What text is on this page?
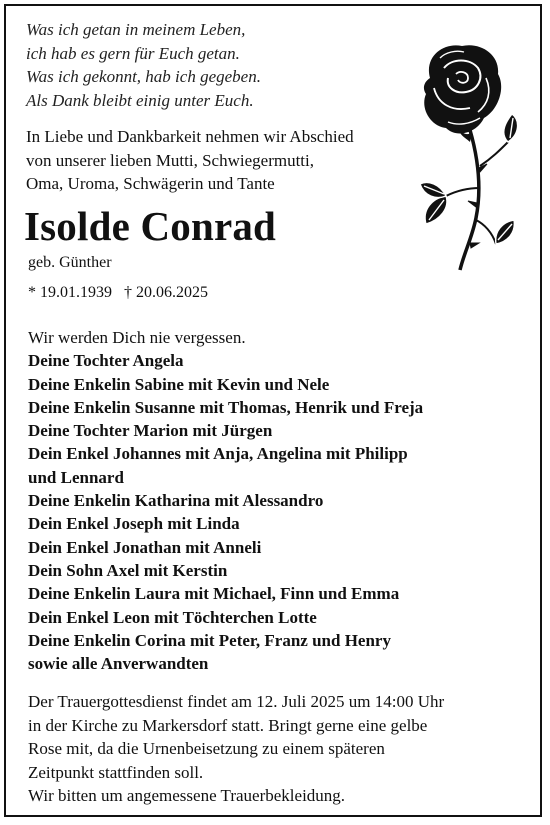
Was ich getan in meinem Leben,
ich hab es gern für Euch getan.
Was ich gekonnt, hab ich gegeben.
Als Dank bleibt einig unter Euch.
In Liebe und Dankbarkeit nehmen wir Abschied
von unserer lieben Mutti, Schwiegermutti,
Oma, Uroma, Schwägerin und Tante
Isolde Conrad
geb. Günther
* 19.01.1939 † 20.06.2025
Wir werden Dich nie vergessen.
Deine Tochter Angela
Deine Enkelin Sabine mit Kevin und Nele
Deine Enkelin Susanne mit Thomas, Henrik und Freja
Deine Tochter Marion mit Jürgen
Dein Enkel Johannes mit Anja, Angelina mit Philipp
und Lennard
Deine Enkelin Katharina mit Alessandro
Dein Enkel Joseph mit Linda
Dein Enkel Jonathan mit Anneli
Dein Sohn Axel mit Kerstin
Deine Enkelin Laura mit Michael, Finn und Emma
Dein Enkel Leon mit Töchterchen Lotte
Deine Enkelin Corina mit Peter, Franz und Henry
sowie alle Anverwandten
Der Trauergottesdienst findet am 12. Juli 2025 um 14:00 Uhr
in der Kirche zu Markersdorf statt. Bringt gerne eine gelbe
Rose mit, da die Urnenbeisetzung zu einem späteren
Zeitpunkt stattfinden soll.
Wir bitten um angemessene Trauerbekleidung.
